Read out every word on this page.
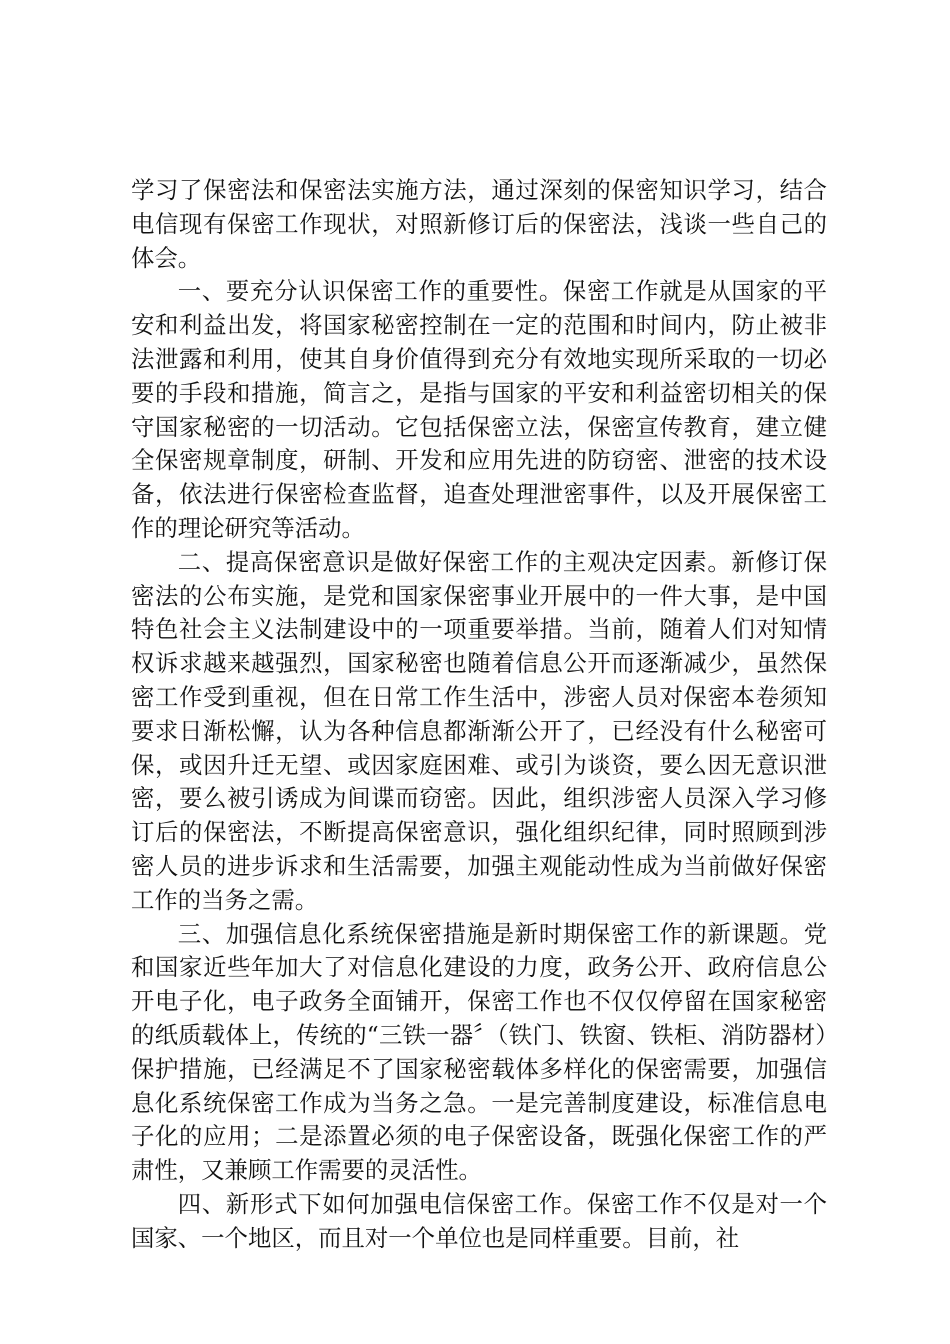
学习了保密法和保密法实施方法，通过深刻的保密知识学习，结合电信现有保密工作现状，对照新修订后的保密法，浅谈一些自己的体会。

一、要充分认识保密工作的重要性。保密工作就是从国家的平安和利益出发，将国家秘密控制在一定的范围和时间内，防止被非法泄露和利用，使其自身价值得到充分有效地实现所采取的一切必要的手段和措施，简言之，是指与国家的平安和利益密切相关的保守国家秘密的一切活动。它包括保密立法，保密宣传教育，建立健全保密规章制度，研制、开发和应用先进的防窃密、泄密的技术设备，依法进行保密检查监督，追查处理泄密事件，以及开展保密工作的理论研究等活动。

二、提高保密意识是做好保密工作的主观决定因素。新修订保密法的公布实施，是党和国家保密事业开展中的一件大事，是中国特色社会主义法制建设中的一项重要举措。当前，随着人们对知情权诉求越来越强烈，国家秘密也随着信息公开而逐渐减少，虽然保密工作受到重视，但在日常工作生活中，涉密人员对保密本卷须知要求日渐松懈，认为各种信息都渐渐公开了，已经没有什么秘密可保，或因升迁无望、或因家庭困难、或引为谈资，要么因无意识泄密，要么被引诱成为间谍而窃密。因此，组织涉密人员深入学习修订后的保密法，不断提高保密意识，强化组织纪律，同时照顾到涉密人员的进步诉求和生活需要，加强主观能动性成为当前做好保密工作的当务之需。

三、加强信息化系统保密措施是新时期保密工作的新课题。党和国家近些年加大了对信息化建设的力度，政务公开、政府信息公开电子化，电子政务全面铺开，保密工作也不仅仅停留在国家秘密的纸质载体上，传统的“三铁一器〞（铁门、铁窗、铁柜、消防器材）保护措施，已经满足不了国家秘密载体多样化的保密需要，加强信息化系统保密工作成为当务之急。一是完善制度建设，标准信息电子化的应用；二是添置必须的电子保密设备，既强化保密工作的严肃性，又兼顾工作需要的灵活性。

四、新形式下如何加强电信保密工作。保密工作不仅是对一个国家、一个地区，而且对一个单位也是同样重要。目前，社
